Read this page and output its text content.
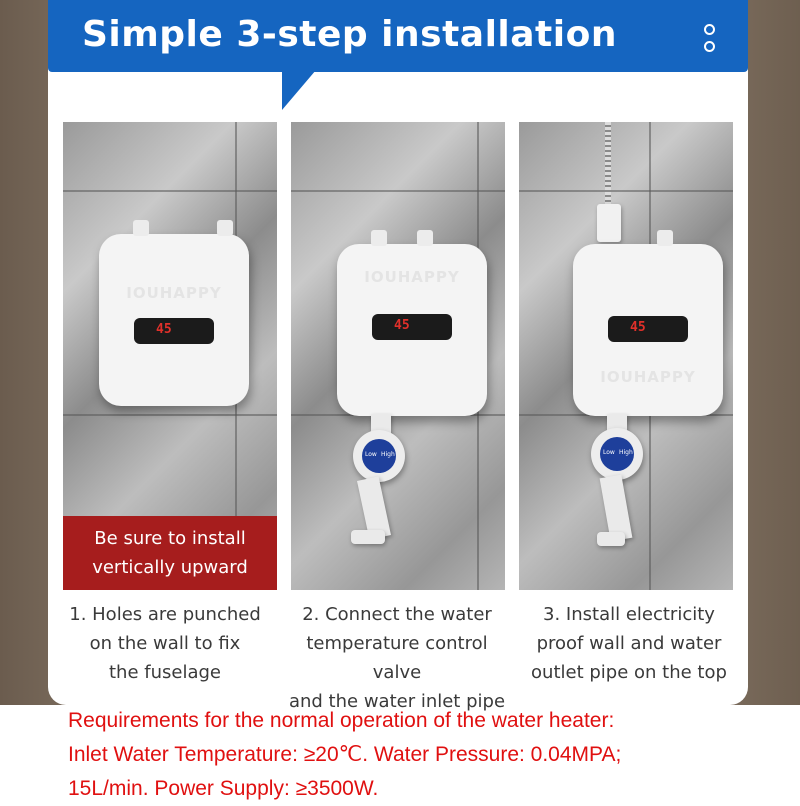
Simple 3-step installation
IOUHAPPY
45
Be sure to install
vertically upward
IOUHAPPY
45
Low High
IOUHAPPY
45
Low High
1. Holes are punched
on the wall to fix
the fuselage
2. Connect the water
temperature control valve
and the water inlet pipe
3. Install electricity
proof wall and water
outlet pipe on the top
Requirements for the normal operation of the water heater:
Inlet Water Temperature: ≥20℃. Water Pressure: 0.04MPA;
15L/min. Power Supply: ≥3500W.
